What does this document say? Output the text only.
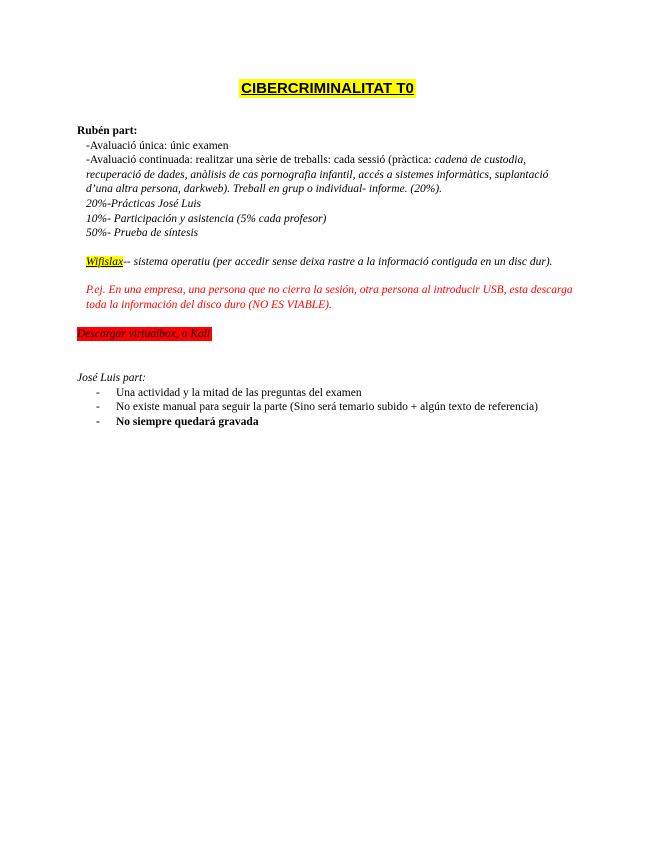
CIBERCRIMINALITAT T0
Rubén part:
-Avaluació única: únic examen
-Avaluació continuada: realitzar una sèrie de treballs: cada sessió (pràctica: cadena de custodia, recuperació de dades, anàlisis de cas pornografia infantil, accés a sistemes informàtics, suplantació d’una altra persona, darkweb). Treball en grup o individual- informe. (20%).
20%-Prácticas José Luis
10%- Participación y asistencia (5% cada profesor)
50%- Prueba de síntesis
Wifislax-- sistema operatiu (per accedir sense deixa rastre a la informació contiguda en un disc dur).
P.ej. En una empresa, una persona que no cierra la sesión, otra persona al introducir USB, esta descarga toda la información del disco duro (NO ES VIABLE).
Descargar virtualbox, o Kali
José Luis part:
- Una actividad y la mitad de las preguntas del examen
- No existe manual para seguir la parte (Sino será temario subido + algún texto de referencia)
- No siempre quedará gravada
